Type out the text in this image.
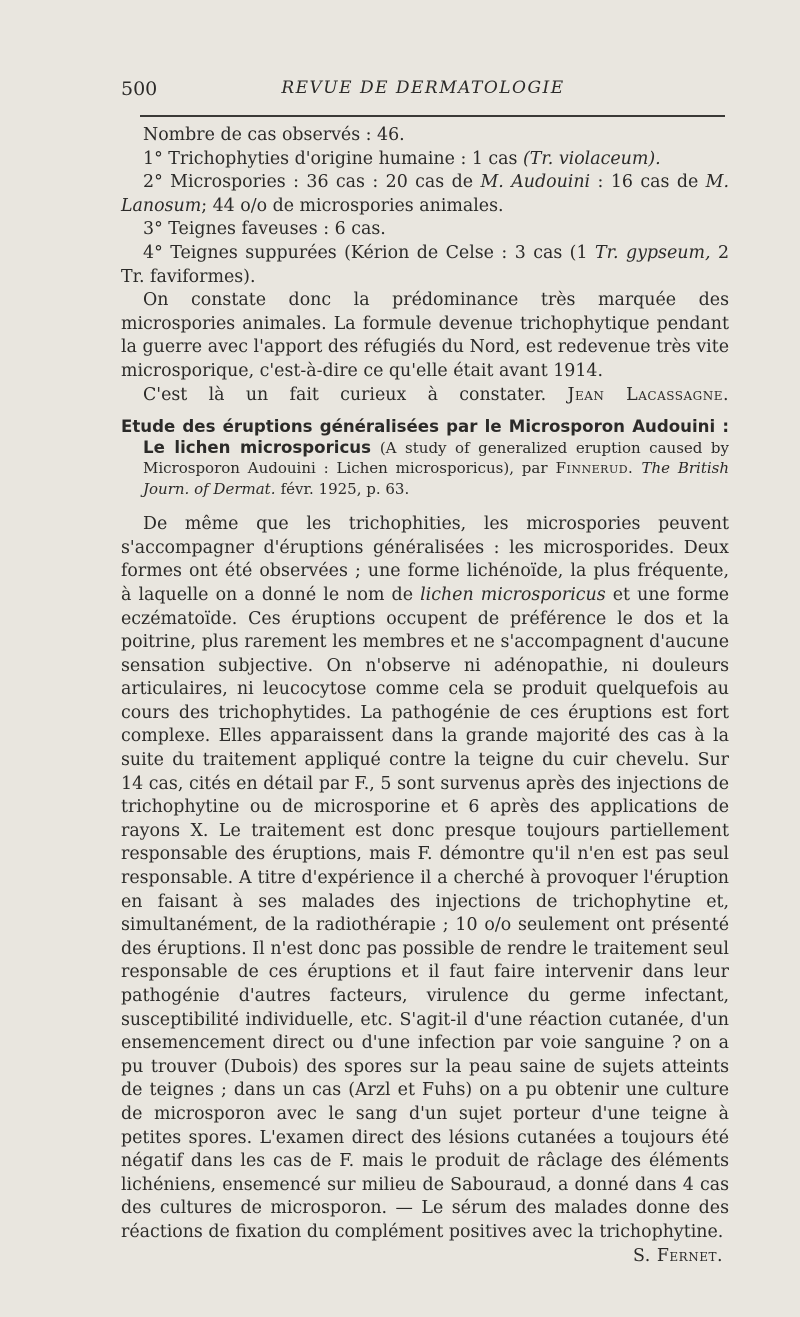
500	REVUE DE DERMATOLOGIE

Nombre de cas observés : 46.

1° Trichophyties d'origine humaine : 1 cas (Tr. violaceum).

2° Microspories : 36 cas : 20 cas de M. Audouini : 16 cas de M. Lanosum; 44 o/o de microspories animales.

3° Teignes faveuses : 6 cas.

4° Teignes suppurées (Kérion de Celse : 3 cas (1 Tr. gypseum, 2 Tr. faviformes).

On constate donc la prédominance très marquée des microspories animales. La formule devenue trichophytique pendant la guerre avec l'apport des réfugiés du Nord, est redevenue très vite microsporique, c'est-à-dire ce qu'elle était avant 1914.

C'est là un fait curieux à constater. Jean Lacassagne.

Etude des éruptions généralisées par le Microsporon Audouini : Le lichen microsporicus (A study of generalized eruption caused by Microsporon Audouini : Lichen microsporicus), par Finnerud. The British Journ. of Dermat. févr. 1925, p. 63.

De même que les trichophities, les microspories peuvent s'accompagner d'éruptions généralisées : les microsporides. Deux formes ont été observées ; une forme lichénoïde, la plus fréquente, à laquelle on a donné le nom de lichen microsporicus et une forme eczématoïde. Ces éruptions occupent de préférence le dos et la poitrine, plus rarement les membres et ne s'accompagnent d'aucune sensation subjective. On n'observe ni adénopathie, ni douleurs articulaires, ni leucocytose comme cela se produit quelquefois au cours des trichophytides. La pathogénie de ces éruptions est fort complexe. Elles apparaissent dans la grande majorité des cas à la suite du traitement appliqué contre la teigne du cuir chevelu. Sur 14 cas, cités en détail par F., 5 sont survenus après des injections de trichophytine ou de microsporine et 6 après des applications de rayons X. Le traitement est donc presque toujours partiellement responsable des éruptions, mais F. démontre qu'il n'en est pas seul responsable. A titre d'expérience il a cherché à provoquer l'éruption en faisant à ses malades des injections de trichophytine et, simultanément, de la radiothérapie ; 10 o/o seulement ont présenté des éruptions. Il n'est donc pas possible de rendre le traitement seul responsable de ces éruptions et il faut faire intervenir dans leur pathogénie d'autres facteurs, virulence du germe infectant, susceptibilité individuelle, etc. S'agit-il d'une réaction cutanée, d'un ensemencement direct ou d'une infection par voie sanguine ? on a pu trouver (Dubois) des spores sur la peau saine de sujets atteints de teignes ; dans un cas (Arzl et Fuhs) on a pu obtenir une culture de microsporon avec le sang d'un sujet porteur d'une teigne à petites spores. L'examen direct des lésions cutanées a toujours été négatif dans les cas de F. mais le produit de râclage des éléments lichéniens, ensemencé sur milieu de Sabouraud, a donné dans 4 cas des cultures de microsporon. — Le sérum des malades donne des réactions de fixation du complément positives avec la trichophytine.

S. Fernet.
